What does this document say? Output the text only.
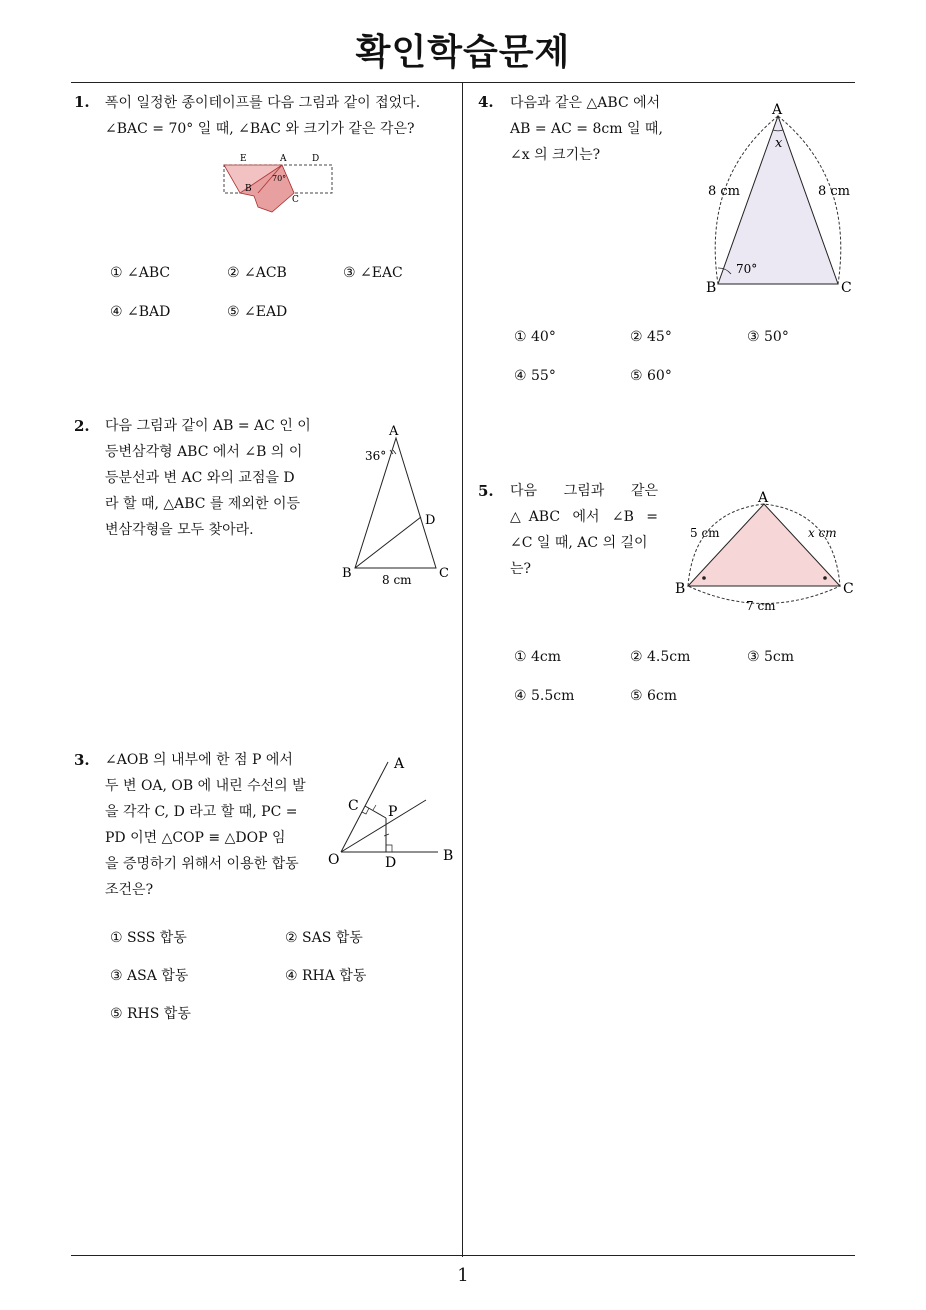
확인학습문제
1
1. 폭이 일정한 종이테이프를 다음 그림과 같이 접었다.
∠BAC = 70° 일 때, ∠BAC 와 크기가 같은 각은?
E	A	D
B
C
70°
① ∠ABC	② ∠ACB	③ ∠EAC
④ ∠BAD	⑤ ∠EAD
2. 다음 그림과 같이 AB = AC 인 이
등변삼각형 ABC 에서 ∠B 의 이
등분선과 변 AC 와의 교점을 D
라 할 때, △ABC 를 제외한 이등
변삼각형을 모두 찾아라.
A
B	C
D
36°
8 cm
3. ∠AOB 의 내부에 한 점 P 에서
두 변 OA, OB 에 내린 수선의 발
을 각각 C, D 라고 할 때, PC =
PD 이면 △COP ≡ △DOP 임
을 증명하기 위해서 이용한 합동
조건은?
A
B
C
D
O
P
① SSS 합동	② SAS 합동
③ ASA 합동	④ RHA 합동
⑤ RHS 합동
4. 다음과 같은 △ABC 에서
AB = AC = 8cm 일 때,
∠x 의 크기는?
A
B	C
x
8 cm	8 cm
70°
① 40°	② 45°	③ 50°
④ 55°	⑤ 60°
5. 다음 그림과 같은
△ABC 에서 ∠B =
∠C 일 때, AC 의 길이
는?
A
B	C
5 cm	x cm
7 cm
① 4cm	② 4.5cm	③ 5cm
④ 5.5cm	⑤ 6cm
